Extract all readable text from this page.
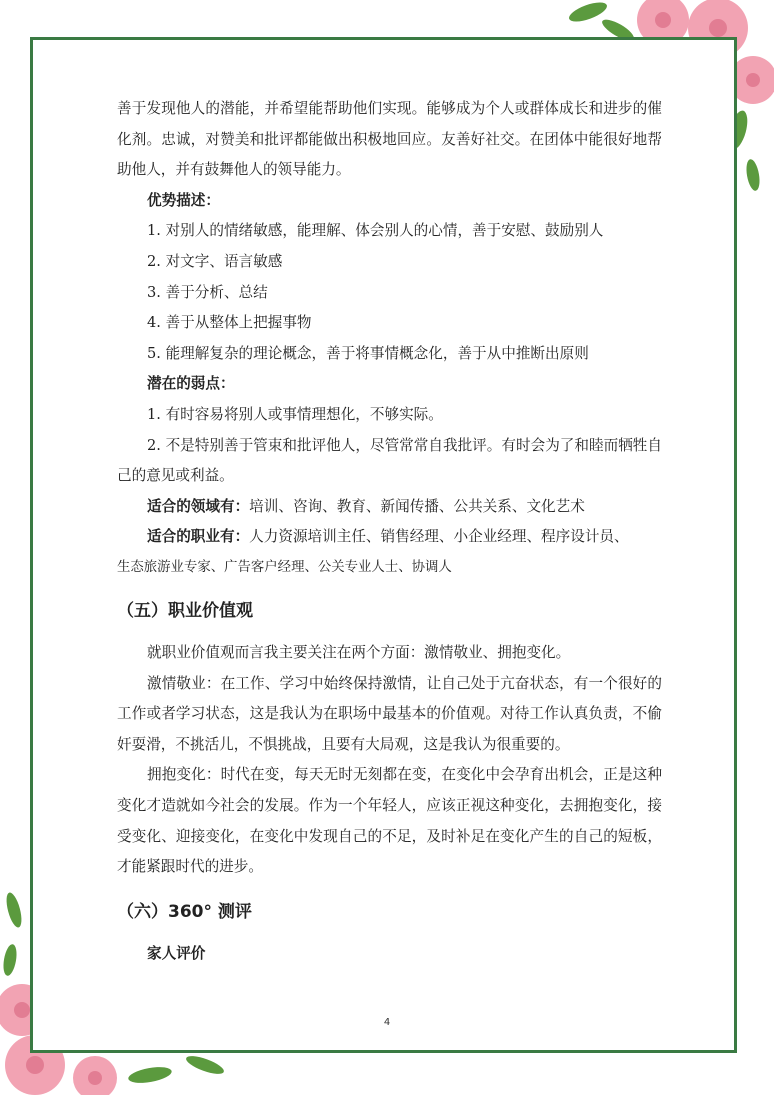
善于发现他人的潜能，并希望能帮助他们实现。能够成为个人或群体成长和进步的催化剂。忠诚，对赞美和批评都能做出积极地回应。友善好社交。在团体中能很好地帮助他人，并有鼓舞他人的领导能力。

优势描述：

1. 对别人的情绪敏感，能理解、体会别人的心情，善于安慰、鼓励别人

2. 对文字、语言敏感

3. 善于分析、总结

4. 善于从整体上把握事物

5. 能理解复杂的理论概念，善于将事情概念化，善于从中推断出原则

潜在的弱点：

1. 有时容易将别人或事情理想化，不够实际。

2. 不是特别善于管束和批评他人，尽管常常自我批评。有时会为了和睦而牺牲自己的意见或利益。

适合的领域有：培训、咨询、教育、新闻传播、公共关系、文化艺术

适合的职业有：人力资源培训主任、销售经理、小企业经理、程序设计员、

生态旅游业专家、广告客户经理、公关专业人士、协调人

（五）职业价值观

就职业价值观而言我主要关注在两个方面：激情敬业、拥抱变化。

激情敬业：在工作、学习中始终保持激情，让自己处于亢奋状态，有一个很好的工作或者学习状态，这是我认为在职场中最基本的价值观。对待工作认真负责，不偷奸耍滑，不挑活儿，不惧挑战，且要有大局观，这是我认为很重要的。

拥抱变化：时代在变，每天无时无刻都在变，在变化中会孕育出机会，正是这种变化才造就如今社会的发展。作为一个年轻人，应该正视这种变化，去拥抱变化，接受变化、迎接变化，在变化中发现自己的不足，及时补足在变化产生的自己的短板，才能紧跟时代的进步。

（六）360° 测评

家人评价

4
